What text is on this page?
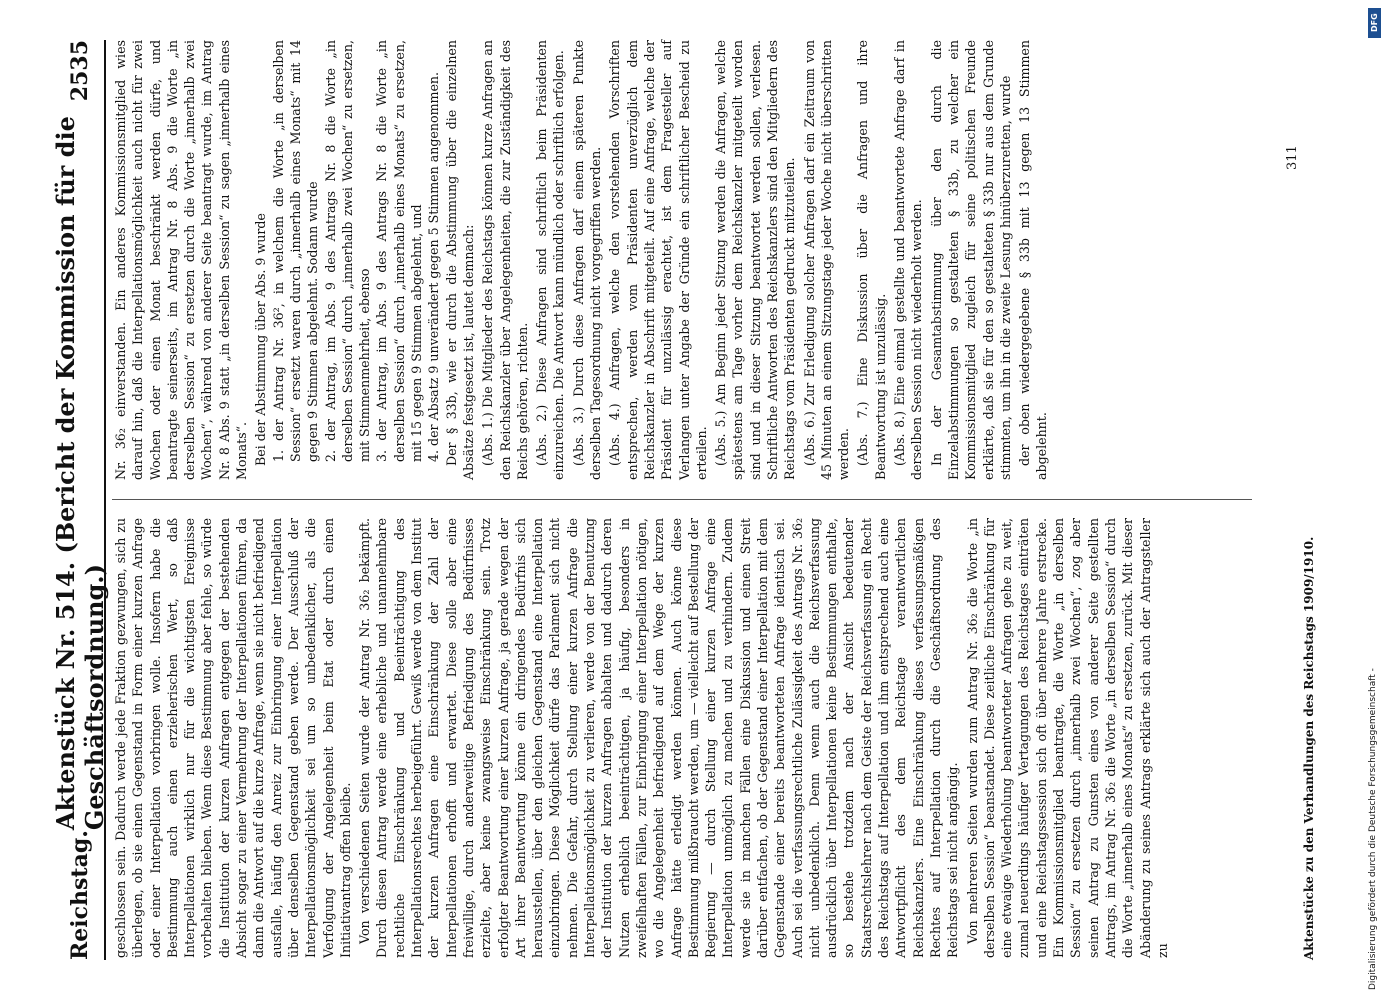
Reichstag.
Aktenstück Nr. 514. (Bericht der Kommission für die Geschäftsordnung.)
2535

geschlossen sein. Dadurch werde jede Fraktion gezwungen, sich zu überlegen, ob sie einen Gegenstand in Form einer kurzen Anfrage oder einer Interpellation vorbringen wolle. Insofern habe die Bestimmung auch einen erzieherischen Wert, so daß Interpellationen wirklich nur für die wichtigsten Ereignisse vorbehalten blieben. Wenn diese Bestimmung aber fehle, so würde die Institution der kurzen Anfragen entgegen der bestehenden Absicht sogar zu einer Vermehrung der Interpellationen führen, da dann die Antwort auf die kurze Anfrage, wenn sie nicht befriedigend ausfalle, häufig den Anreiz zur Einbringung einer Interpellation über denselben Gegenstand geben werde. Der Ausschluß der Interpellationsmöglichkeit sei um so unbedenklicher, als die Verfolgung der Angelegenheit beim Etat oder durch einen Initiativantrag offen bleibe. Von verschiedenen Seiten wurde der Antrag Nr. 36₂ bekämpft. Durch diesen Antrag werde eine erhebliche und unannehmbare rechtliche Einschränkung und Beeinträchtigung des Interpellationsrechtes herbeigeführt. Gewiß werde von dem Institut der kurzen Anfragen eine Einschränkung der Zahl der Interpellationen erhofft und erwartet. Diese solle aber eine freiwillige, durch anderweitige Befriedigung des Bedürfnisses erzielte, aber keine zwangsweise Einschränkung sein. Trotz erfolgter Beantwortung einer kurzen Anfrage, ja gerade wegen der Art ihrer Beantwortung könne ein dringendes Bedürfnis sich herausstellen, über den gleichen Gegenstand eine Interpellation einzubringen. Diese Möglichkeit dürfe das Parlament sich nicht nehmen. Die Gefahr, durch Stellung einer kurzen Anfrage die Interpellationsmöglichkeit zu verlieren, werde von der Benutzung der Institution der kurzen Anfragen abhalten und dadurch deren Nutzen erheblich beeinträchtigen, ja häufig, besonders in zweifelhaften Fällen, zur Einbringung einer Interpellation nötigen, wo die Angelegenheit befriedigend auf dem Wege der kurzen Anfrage hätte erledigt werden können. Auch könne diese Bestimmung mißbraucht werden, um — vielleicht auf Bestellung der Regierung — durch Stellung einer kurzen Anfrage eine Interpellation unmöglich zu machen und zu verhindern. Zudem werde sie in manchen Fällen eine Diskussion und einen Streit darüber entfachen, ob der Gegenstand einer Interpellation mit dem Gegenstande einer bereits beantworteten Anfrage identisch sei. Auch sei die verfassungsrechtliche Zulässigkeit des Antrags Nr. 36₂ nicht unbedenklich. Denn wenn auch die Reichsverfassung ausdrücklich über Interpellationen keine Bestimmungen enthalte, so bestehe trotzdem nach der Ansicht bedeutender Staatsrechtslehrer nach dem Geiste der Reichsverfassung ein Recht des Reichstags auf Interpellation und ihm entsprechend auch eine Antwortpflicht des dem Reichstage verantwortlichen Reichskanzlers. Eine Einschränkung dieses verfassungsmäßigen Rechtes auf Interpellation durch die Geschäftsordnung des Reichstags sei nicht angängig. Von mehreren Seiten wurden zum Antrag Nr. 36₂ die Worte „in derselben Session“ beanstandet. Diese zeitliche Einschränkung für eine etwaige Wiederholung beantworteter Anfragen gehe zu weit, zumal neuerdings häufiger Vertagungen des Reichstages einträten und eine Reichstagssession sich oft über mehrere Jahre erstrecke. Ein Kommissionsmitglied beantragte, die Worte „in derselben Session“ zu ersetzen durch „innerhalb zwei Wochen“, zog aber seinen Antrag zu Gunsten eines von anderer Seite gestellten Antrags, im Antrag Nr. 36₂ die Worte „in derselben Session“ durch die Worte „innerhalb eines Monats“ zu ersetzen, zurück. Mit dieser Abänderung zu seines Antrags erklärte sich auch der Antragsteller zu

Nr. 36₂ einverstanden. Ein anderes Kommissionsmitglied wies darauf hin, daß die Interpellationsmöglichkeit auch nicht für zwei Wochen oder einen Monat beschränkt werden dürfe, und beantragte seinerseits, im Antrag Nr. 8 Abs. 9 die Worte „in derselben Session“ zu ersetzen durch die Worte „innerhalb zwei Wochen“, während von anderer Seite beantragt wurde, im Antrag Nr. 8 Abs. 9 statt „in derselben Session“ zu sagen „innerhalb eines Monats“. Bei der Abstimmung über Abs. 9 wurde 1. der Antrag Nr. 36², in welchem die Worte „in derselben Session“ ersetzt waren durch „innerhalb eines Monats“ mit 14 gegen 9 Stimmen abgelehnt. Sodann wurde 2. der Antrag, im Abs. 9 des Antrags Nr. 8 die Worte „in derselben Session“ durch „innerhalb zwei Wochen“ zu ersetzen, mit Stimmenmehrheit, ebenso 3. der Antrag, im Abs. 9 des Antrags Nr. 8 die Worte „in derselben Session“ durch „innerhalb eines Monats“ zu ersetzen, mit 15 gegen 9 Stimmen abgelehnt, und 4. der Absatz 9 unverändert gegen 5 Stimmen angenommen. Der § 33b, wie er durch die Abstimmung über die einzelnen Absätze festgesetzt ist, lautet demnach: (Abs. 1.) Die Mitglieder des Reichstags können kurze Anfragen an den Reichskanzler über Angelegenheiten, die zur Zuständigkeit des Reichs gehören, richten. (Abs. 2.) Diese Anfragen sind schriftlich beim Präsidenten einzureichen. Die Antwort kann mündlich oder schriftlich erfolgen. (Abs. 3.) Durch diese Anfragen darf einem späteren Punkte derselben Tagesordnung nicht vorgegriffen werden. (Abs. 4.) Anfragen, welche den vorstehenden Vorschriften entsprechen, werden vom Präsidenten unverzüglich dem Reichskanzler in Abschrift mitgeteilt. Auf eine Anfrage, welche der Präsident für unzulässig erachtet, ist dem Fragesteller auf Verlangen unter Angabe der Gründe ein schriftlicher Bescheid zu erteilen. (Abs. 5.) Am Beginn jeder Sitzung werden die Anfragen, welche spätestens am Tage vorher dem Reichskanzler mitgeteilt worden sind und in dieser Sitzung beantwortet werden sollen, verlesen. Schriftliche Antworten des Reichskanzlers sind den Mitgliedern des Reichstags vom Präsidenten gedruckt mitzuteilen. (Abs. 6.) Zur Erledigung solcher Anfragen darf ein Zeitraum von 45 Minuten an einem Sitzungstage jeder Woche nicht überschritten werden. (Abs. 7.) Eine Diskussion über die Anfragen und ihre Beantwortung ist unzulässig. (Abs. 8.) Eine einmal gestellte und beantwortete Anfrage darf in derselben Session nicht wiederholt werden. In der Gesamtabstimmung über den durch die Einzelabstimmungen so gestalteten § 33b, zu welcher ein Kommissionsmitglied zugleich für seine politischen Freunde erklärte, daß sie für den so gestalteten § 33b nur aus dem Grunde stimmten, um ihn in die zweite Lesung hinüberzuretten, wurde der oben wiedergegebene § 33b mit 13 gegen 13 Stimmen abgelehnt.

Aktenstücke zu den Verhandlungen des Reichstags 1909/1910.
311
DFG
Digitalisierung gefördert durch die Deutsche Forschungsgemeinschaft -
